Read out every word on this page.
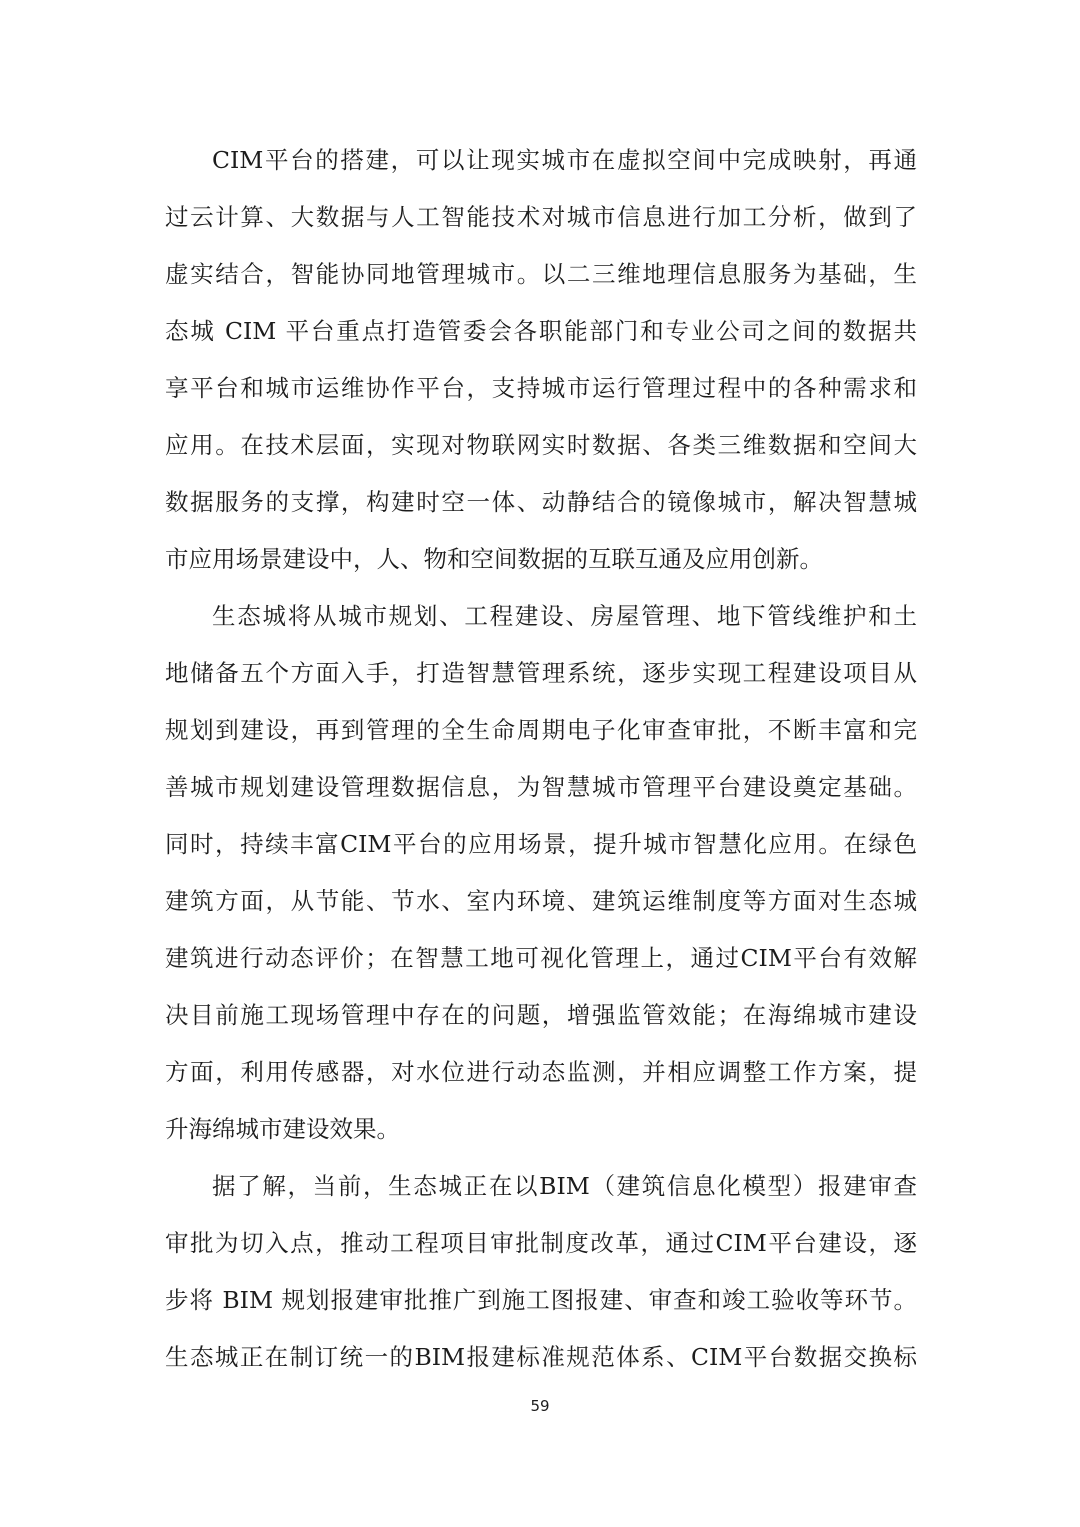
CIM平台的搭建，可以让现实城市在虚拟空间中完成映射，再通
过云计算、大数据与人工智能技术对城市信息进行加工分析，做到了
虚实结合，智能协同地管理城市。以二三维地理信息服务为基础，生
态城 CIM 平台重点打造管委会各职能部门和专业公司之间的数据共
享平台和城市运维协作平台，支持城市运行管理过程中的各种需求和
应用。在技术层面，实现对物联网实时数据、各类三维数据和空间大
数据服务的支撑，构建时空一体、动静结合的镜像城市，解决智慧城
市应用场景建设中，人、物和空间数据的互联互通及应用创新。
生态城将从城市规划、工程建设、房屋管理、地下管线维护和土
地储备五个方面入手，打造智慧管理系统，逐步实现工程建设项目从
规划到建设，再到管理的全生命周期电子化审查审批，不断丰富和完
善城市规划建设管理数据信息，为智慧城市管理平台建设奠定基础。
同时，持续丰富CIM平台的应用场景，提升城市智慧化应用。在绿色
建筑方面，从节能、节水、室内环境、建筑运维制度等方面对生态城
建筑进行动态评价；在智慧工地可视化管理上，通过CIM平台有效解
决目前施工现场管理中存在的问题，增强监管效能；在海绵城市建设
方面，利用传感器，对水位进行动态监测，并相应调整工作方案，提
升海绵城市建设效果。
据了解，当前，生态城正在以BIM（建筑信息化模型）报建审查
审批为切入点，推动工程项目审批制度改革，通过CIM平台建设，逐
步将 BIM 规划报建审批推广到施工图报建、审查和竣工验收等环节。
生态城正在制订统一的BIM报建标准规范体系、CIM平台数据交换标
59
